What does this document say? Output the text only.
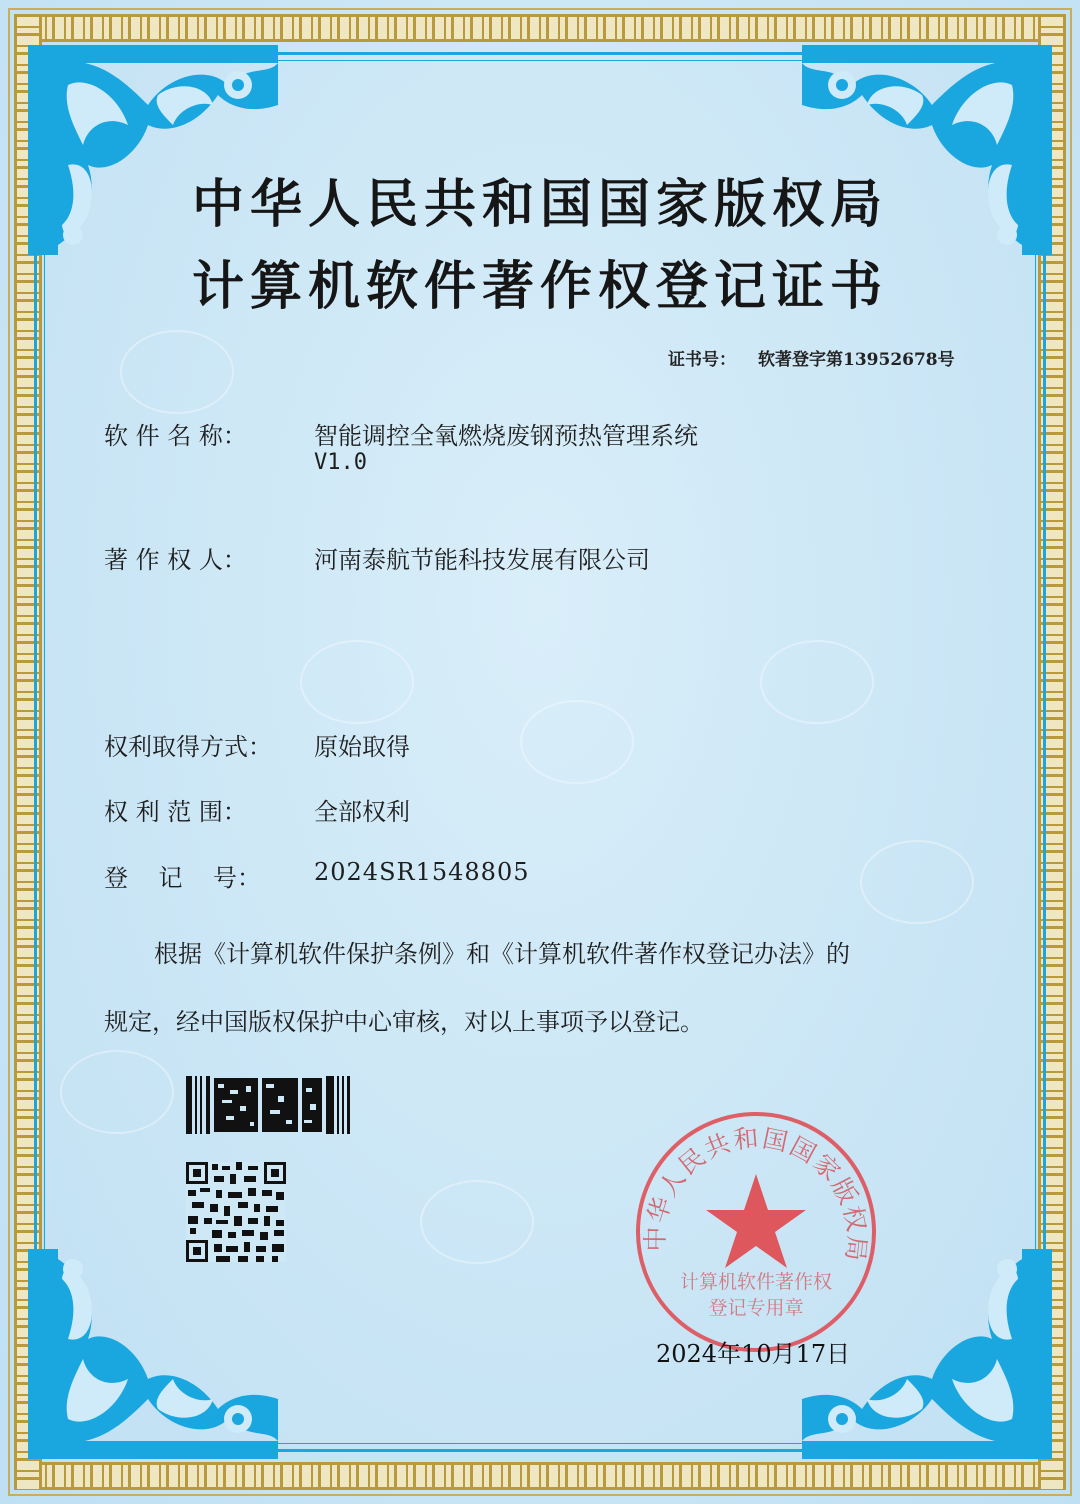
中华人民共和国国家版权局
计算机软件著作权登记证书
证书号： 软著登字第13952678号
软 件 名 称：	智能调控全氧燃烧废钢预热管理系统
V1.0
著 作 权 人：	河南泰航节能科技发展有限公司
权利取得方式： 原始取得
权 利 范 围：	全部权利
登    记    号： 2024SR1548805
根据《计算机软件保护条例》和《计算机软件著作权登记办法》的
规定，经中国版权保护中心审核，对以上事项予以登记。
中华人民共和国国家版权局
计算机软件著作权
登记专用章
2024年10月17日
